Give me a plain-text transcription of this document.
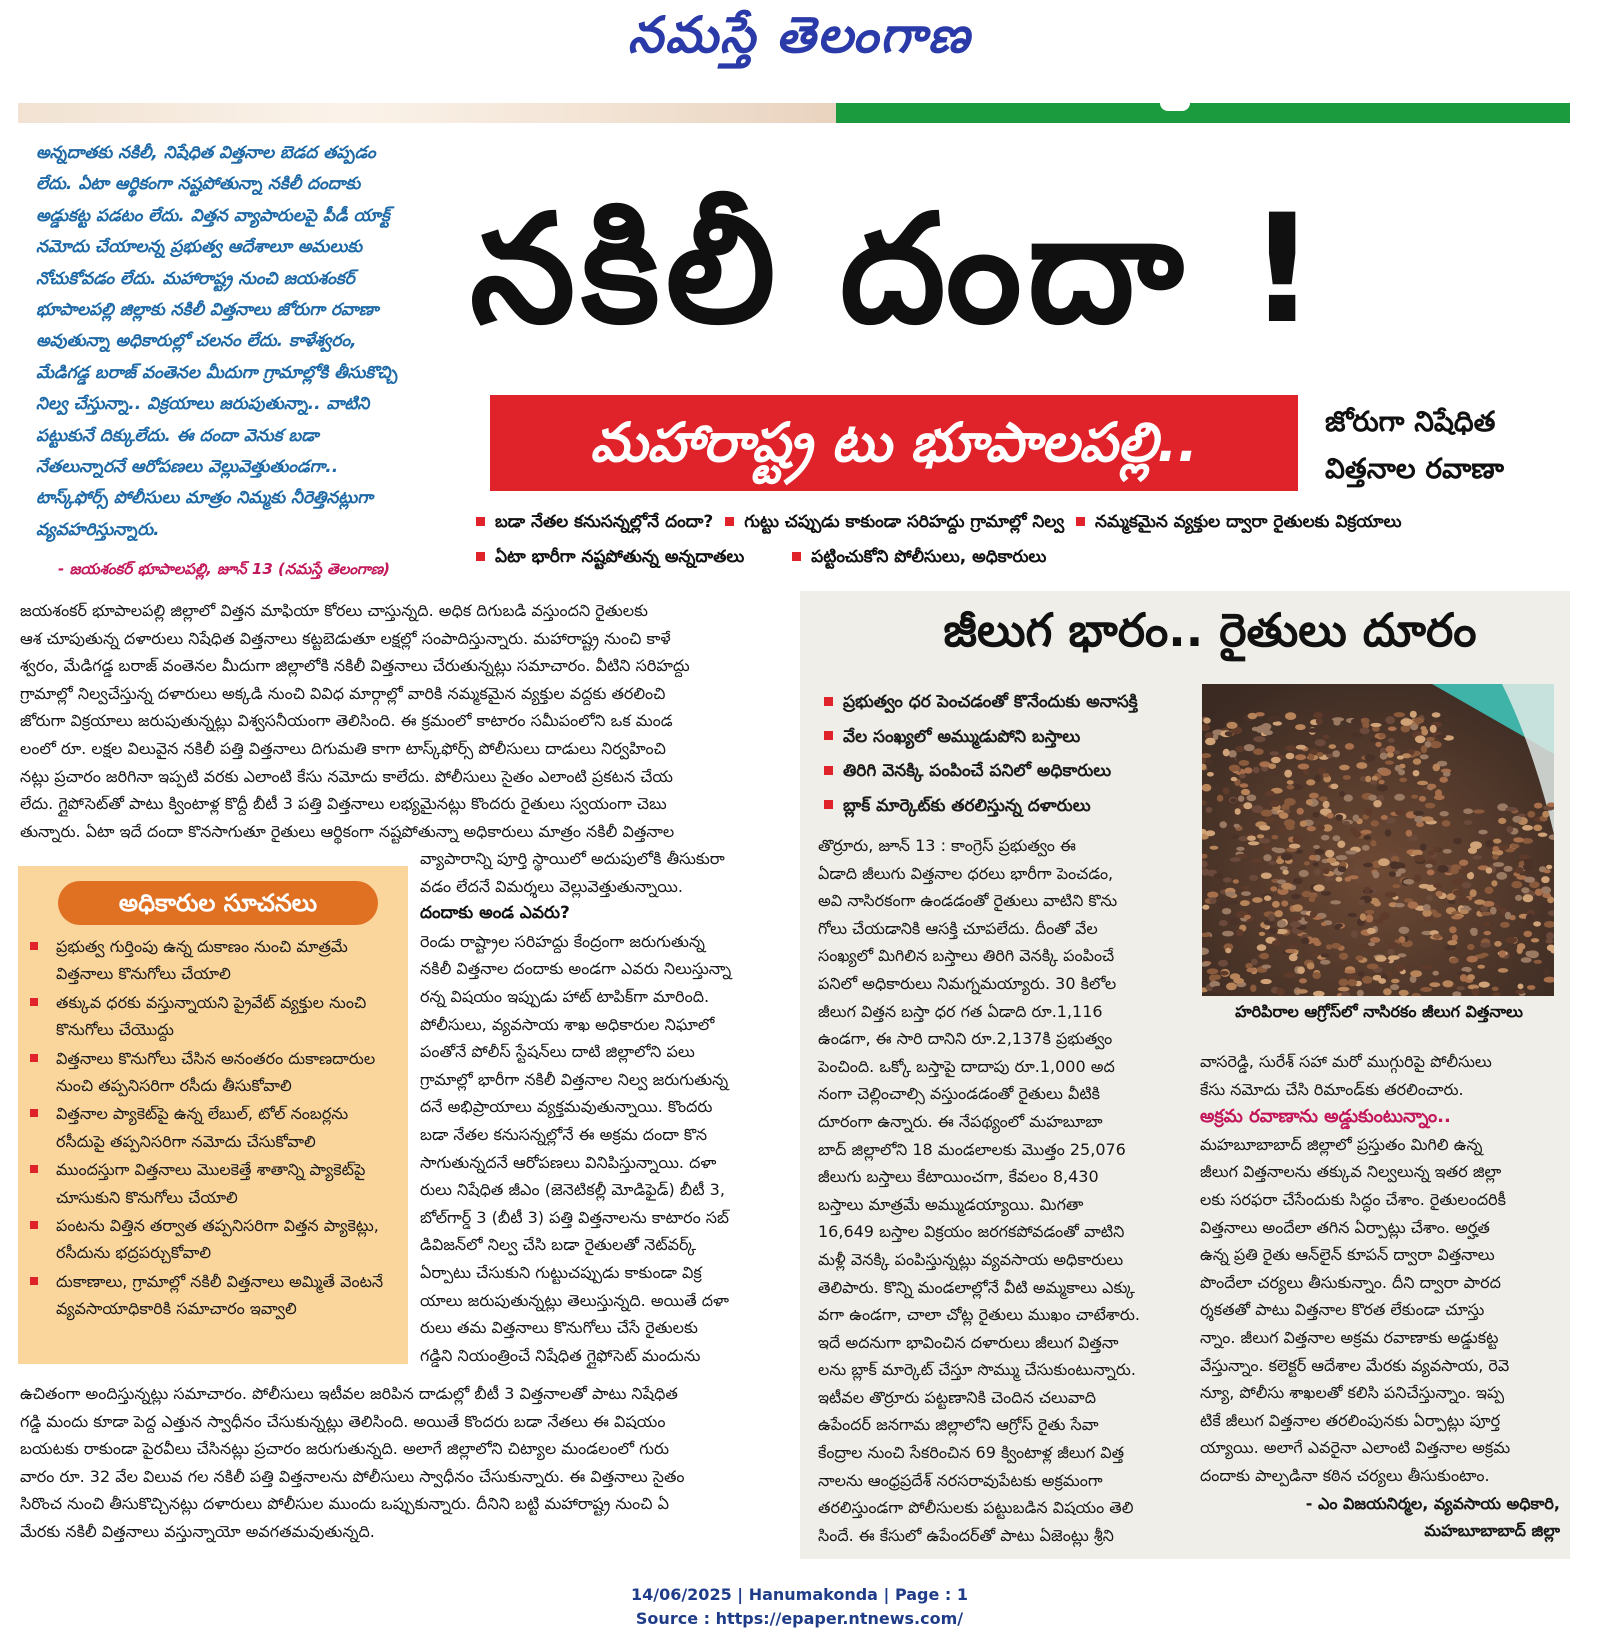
నమస్తే తెలంగాణ
అన్నదాతకు నకిలీ, నిషేధిత విత్తనాల బెడద తప్పడం
లేదు. ఏటా ఆర్థికంగా నష్టపోతున్నా నకిలీ దందాకు
అడ్డుకట్ట పడటం లేదు. విత్తన వ్యాపారులపై పీడీ యాక్ట్
నమోదు చేయాలన్న ప్రభుత్వ ఆదేశాలూ అమలుకు
నోచుకోవడం లేదు. మహారాష్ట్ర నుంచి జయశంకర్
భూపాలపల్లి జిల్లాకు నకిలీ విత్తనాలు జోరుగా రవాణా
అవుతున్నా అధికారుల్లో చలనం లేదు. కాళేశ్వరం,
మేడిగడ్డ బరాజ్ వంతెనల మీదుగా గ్రామాల్లోకి తీసుకొచ్చి
నిల్వ చేస్తున్నా.. విక్రయాలు జరుపుతున్నా.. వాటిని
పట్టుకునే దిక్కులేదు. ఈ దందా వెనుక బడా
నేతలున్నారనే ఆరోపణలు వెల్లువెత్తుతుండగా..
టాస్క్‌ఫోర్స్ పోలీసులు మాత్రం నిమ్మకు నీరెత్తినట్లుగా
వ్యవహరిస్తున్నారు.
- జయశంకర్ భూపాలపల్లి, జూన్ 13 (నమస్తే తెలంగాణ)
నకిలీ దందా !
మహారాష్ట్ర టు భూపాలపల్లి..	జోరుగా నిషేధిత
విత్తనాల రవాణా
బడా నేతల కనుసన్నల్లోనే దందా? గుట్టు చప్పుడు కాకుండా సరిహద్దు గ్రామాల్లో నిల్వ నమ్మకమైన వ్యక్తుల ద్వారా రైతులకు విక్రయాలు
ఏటా భారీగా నష్టపోతున్న అన్నదాతలు	పట్టించుకోని పోలీసులు, అధికారులు
జయశంకర్ భూపాలపల్లి జిల్లాలో విత్తన మాఫియా కోరలు చాస్తున్నది. అధిక దిగుబడి వస్తుందని రైతులకు
ఆశ చూపుతున్న దళారులు నిషేధిత విత్తనాలు కట్టబెడుతూ లక్షల్లో సంపాదిస్తున్నారు. మహారాష్ట్ర నుంచి కాళే
శ్వరం, మేడిగడ్డ బరాజ్ వంతెనల మీదుగా జిల్లాలోకి నకిలీ విత్తనాలు చేరుతున్నట్లు సమాచారం. వీటిని సరిహద్దు
గ్రామాల్లో నిల్వచేస్తున్న దళారులు అక్కడి నుంచి వివిధ మార్గాల్లో వారికి నమ్మకమైన వ్యక్తుల వద్దకు తరలించి
జోరుగా విక్రయాలు జరుపుతున్నట్లు విశ్వసనీయంగా తెలిసింది. ఈ క్రమంలో కాటారం సమీపంలోని ఒక మండ
లంలో రూ. లక్షల విలువైన నకిలీ పత్తి విత్తనాలు దిగుమతి కాగా టాస్క్‌ఫోర్స్ పోలీసులు దాడులు నిర్వహించి
నట్లు ప్రచారం జరిగినా ఇప్పటి వరకు ఎలాంటి కేసు నమోదు కాలేదు. పోలీసులు సైతం ఎలాంటి ప్రకటన చేయ
లేదు. గ్లైపోసెట్‌తో పాటు క్వింటాళ్ల కొద్దీ బీటీ 3 పత్తి విత్తనాలు లభ్యమైనట్లు కొందరు రైతులు స్వయంగా చెబు
తున్నారు. ఏటా ఇదే దందా కొనసాగుతూ రైతులు ఆర్థికంగా నష్టపోతున్నా అధికారులు మాత్రం నకిలీ విత్తనాల
వ్యాపారాన్ని పూర్తి స్థాయిలో అదుపులోకి తీసుకురా
వడం లేదనే విమర్శలు వెల్లువెత్తుతున్నాయి.
దందాకు అండ ఎవరు?
రెండు రాష్ట్రాల సరిహద్దు కేంద్రంగా జరుగుతున్న
నకిలీ విత్తనాల దందాకు అండగా ఎవరు నిలుస్తున్నా
రన్న విషయం ఇప్పుడు హాట్ టాపిక్‌గా మారింది.
పోలీసులు, వ్యవసాయ శాఖ అధికారుల నిఘాలో
పంతోనే పోలీస్ స్టేషన్‌లు దాటి జిల్లాలోని పలు
గ్రామాల్లో భారీగా నకిలీ విత్తనాల నిల్వ జరుగుతున్న
దనే అభిప్రాయాలు వ్యక్తమవుతున్నాయి. కొందరు
బడా నేతల కనుసన్నల్లోనే ఈ అక్రమ దందా కొన
సాగుతున్నదనే ఆరోపణలు వినిపిస్తున్నాయి. దళా
రులు నిషేధిత జీఎం (జెనెటికల్లీ మోడిఫైడ్) బీటీ 3,
బోల్‌గార్డ్ 3 (బీటీ 3) పత్తి విత్తనాలను కాటారం సబ్
డివిజన్‌లో నిల్వ చేసి బడా రైతులతో నెట్‌వర్క్
ఏర్పాటు చేసుకుని గుట్టుచప్పుడు కాకుండా విక్ర
యాలు జరుపుతున్నట్లు తెలుస్తున్నది. అయితే దళా
రులు తమ విత్తనాలు కొనుగోలు చేసే రైతులకు
గడ్డిని నియంత్రించే నిషేధిత గ్లైఫోసెట్ మందును
అధికారుల సూచనలు
ప్రభుత్వ గుర్తింపు ఉన్న దుకాణం నుంచి మాత్రమే విత్తనాలు కొనుగోలు చేయాలి
తక్కువ ధరకు వస్తున్నాయని ప్రైవేట్ వ్యక్తుల నుంచి కొనుగోలు చేయొద్దు
విత్తనాలు కొనుగోలు చేసిన అనంతరం దుకాణదారుల నుంచి తప్పనిసరిగా రసీదు తీసుకోవాలి
విత్తనాల ప్యాకెట్‌పై ఉన్న లేబుల్, టోల్ నంబర్లను రసీదుపై తప్పనిసరిగా నమోదు చేసుకోవాలి
ముందస్తుగా విత్తనాలు మొలకెత్తే శాతాన్ని ప్యాకెట్‌పై చూసుకుని కొనుగోలు చేయాలి
పంటను విత్తిన తర్వాత తప్పనిసరిగా విత్తన ప్యాకెట్లు, రసీదును భద్రపర్చుకోవాలి
దుకాణాలు, గ్రామాల్లో నకిలీ విత్తనాలు అమ్మితే వెంటనే వ్యవసాయాధికారికి సమాచారం ఇవ్వాలి
ఉచితంగా అందిస్తున్నట్లు సమాచారం. పోలీసులు ఇటీవల జరిపిన దాడుల్లో బీటీ 3 విత్తనాలతో పాటు నిషేధిత
గడ్డి మందు కూడా పెద్ద ఎత్తున స్వాధీనం చేసుకున్నట్లు తెలిసింది. అయితే కొందరు బడా నేతలు ఈ విషయం
బయటకు రాకుండా పైరవీలు చేసినట్లు ప్రచారం జరుగుతున్నది. అలాగే జిల్లాలోని చిట్యాల మండలంలో గురు
వారం రూ. 32 వేల విలువ గల నకిలీ పత్తి విత్తనాలను పోలీసులు స్వాధీనం చేసుకున్నారు. ఈ విత్తనాలు సైతం
సిరొంచ నుంచి తీసుకొచ్చినట్లు దళారులు పోలీసుల ముందు ఒప్పుకున్నారు. దీనిని బట్టి మహారాష్ట్ర నుంచి ఏ
మేరకు నకిలీ విత్తనాలు వస్తున్నాయో అవగతమవుతున్నది.
జీలుగ భారం.. రైతులు దూరం
ప్రభుత్వం ధర పెంచడంతో కొనేందుకు అనాసక్తి
వేల సంఖ్యలో అమ్ముడుపోని బస్తాలు
తిరిగి వెనక్కి పంపించే పనిలో అధికారులు
బ్లాక్ మార్కెట్‌కు తరలిస్తున్న దళారులు
హరిపిరాల ఆగ్రోస్‌లో నాసిరకం జీలుగ విత్తనాలు
తొర్రూరు, జూన్ 13 : కాంగ్రెస్ ప్రభుత్వం ఈ
ఏడాది జీలుగు విత్తనాల ధరలు భారీగా పెంచడం,
అవి నాసిరకంగా ఉండడంతో రైతులు వాటిని కొను
గోలు చేయడానికి ఆసక్తి చూపలేదు. దీంతో వేల
సంఖ్యలో మిగిలిన బస్తాలు తిరిగి వెనక్కి పంపించే
పనిలో అధికారులు నిమగ్నమయ్యారు. 30 కిలోల
జీలుగ విత్తన బస్తా ధర గత ఏడాది రూ.1,116
ఉండగా, ఈ సారి దానిని రూ.2,137కి ప్రభుత్వం
పెంచింది. ఒక్కో బస్తాపై దాదాపు రూ.1,000 అద
నంగా చెల్లించాల్సి వస్తుండడంతో రైతులు వీటికి
దూరంగా ఉన్నారు. ఈ నేపథ్యంలో మహబూబా
బాద్ జిల్లాలోని 18 మండలాలకు మొత్తం 25,076
జీలుగు బస్తాలు కేటాయించగా, కేవలం 8,430
బస్తాలు మాత్రమే అమ్ముడయ్యాయి. మిగతా
16,649 బస్తాల విక్రయం జరగకపోవడంతో వాటిని
మళ్లీ వెనక్కి పంపిస్తున్నట్లు వ్యవసాయ అధికారులు
తెలిపారు. కొన్ని మండలాల్లోనే వీటి అమ్మకాలు ఎక్కు
వగా ఉండగా, చాలా చోట్ల రైతులు ముఖం చాటేశారు.
ఇదే అదనుగా భావించిన దళారులు జీలుగ విత్తనా
లను బ్లాక్ మార్కెట్ చేస్తూ సొమ్ము చేసుకుంటున్నారు.
ఇటీవల తొర్రూరు పట్టణానికి చెందిన చలువాది
ఉపేందర్ జనగామ జిల్లాలోని ఆగ్రోస్ రైతు సేవా
కేంద్రాల నుంచి సేకరించిన 69 క్వింటాళ్ల జీలుగ విత్త
నాలను ఆంధ్రప్రదేశ్ నరసరావుపేటకు అక్రమంగా
తరలిస్తుండగా పోలీసులకు పట్టుబడిన విషయం తెలి
సిందే. ఈ కేసులో ఉపేందర్‌తో పాటు ఏజెంట్లు శ్రీని
వాసరెడ్డి, సురేశ్ సహా మరో ముగ్గురిపై పోలీసులు
కేసు నమోదు చేసి రిమాండ్‌కు తరలించారు.
అక్రమ రవాణాను అడ్డుకుంటున్నాం..
మహబూబాబాద్ జిల్లాలో ప్రస్తుతం మిగిలి ఉన్న
జీలుగ విత్తనాలను తక్కువ నిల్వలున్న ఇతర జిల్లా
లకు సరఫరా చేసేందుకు సిద్ధం చేశాం. రైతులందరికీ
విత్తనాలు అందేలా తగిన ఏర్పాట్లు చేశాం. అర్హత
ఉన్న ప్రతి రైతు ఆన్‌లైన్ కూపన్ ద్వారా విత్తనాలు
పొందేలా చర్యలు తీసుకున్నాం. దీని ద్వారా పారద
ర్శకతతో పాటు విత్తనాల కొరత లేకుండా చూస్తు
న్నాం. జీలుగ విత్తనాల అక్రమ రవాణాకు అడ్డుకట్ట
వేస్తున్నాం. కలెక్టర్ ఆదేశాల మేరకు వ్యవసాయ, రెవె
న్యూ, పోలీసు శాఖలతో కలిసి పనిచేస్తున్నాం. ఇప్ప
టికే జీలుగ విత్తనాల తరలింపునకు ఏర్పాట్లు పూర్త
య్యాయి. అలాగే ఎవరైనా ఎలాంటి విత్తనాల అక్రమ
దందాకు పాల్పడినా కఠిన చర్యలు తీసుకుంటాం.
- ఎం విజయనిర్మల, వ్యవసాయ అధికారి,
మహబూబాబాద్ జిల్లా
14/06/2025 | Hanumakonda | Page : 1
Source : https://epaper.ntnews.com/
